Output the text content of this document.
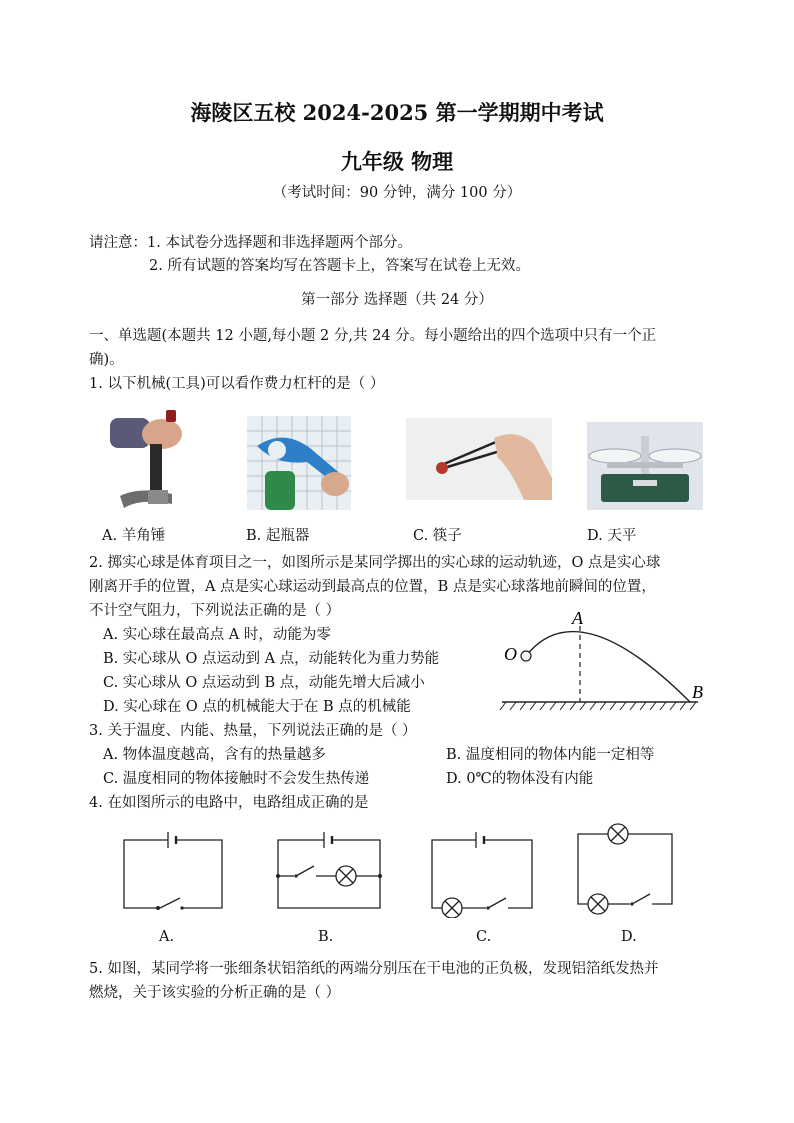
海陵区五校 2024-2025 第一学期期中考试
九年级 物理
（考试时间：90 分钟，满分 100 分）
请注意：1. 本试卷分选择题和非选择题两个部分。
2. 所有试题的答案均写在答题卡上，答案写在试卷上无效。
第一部分 选择题（共 24 分）
一、单选题(本题共 12 小题,每小题 2 分,共 24 分。每小题给出的四个选项中只有一个正
确)。
1. 以下机械(工具)可以看作费力杠杆的是（ ）
A. 羊角锤	B. 起瓶器	C. 筷子	D. 天平
2. 掷实心球是体育项目之一，如图所示是某同学掷出的实心球的运动轨迹，O 点是实心球
刚离开手的位置，A 点是实心球运动到最高点的位置，B 点是实心球落地前瞬间的位置，
不计空气阻力，下列说法正确的是（ ）
A. 实心球在最高点 A 时，动能为零
B. 实心球从 O 点运动到 A 点，动能转化为重力势能
C. 实心球从 O 点运动到 B 点，动能先增大后减小
D. 实心球在 O 点的机械能大于在 B 点的机械能
O
A
B
3. 关于温度、内能、热量，下列说法正确的是（ ）
A. 物体温度越高，含有的热量越多	B. 温度相同的物体内能一定相等
C. 温度相同的物体接触时不会发生热传递	D. 0℃的物体没有内能
4. 在如图所示的电路中，电路组成正确的是
A.	B.	C.	D.
5. 如图，某同学将一张细条状铝箔纸的两端分别压在干电池的正负极，发现铝箔纸发热并
燃烧，关于该实验的分析正确的是（ ）
